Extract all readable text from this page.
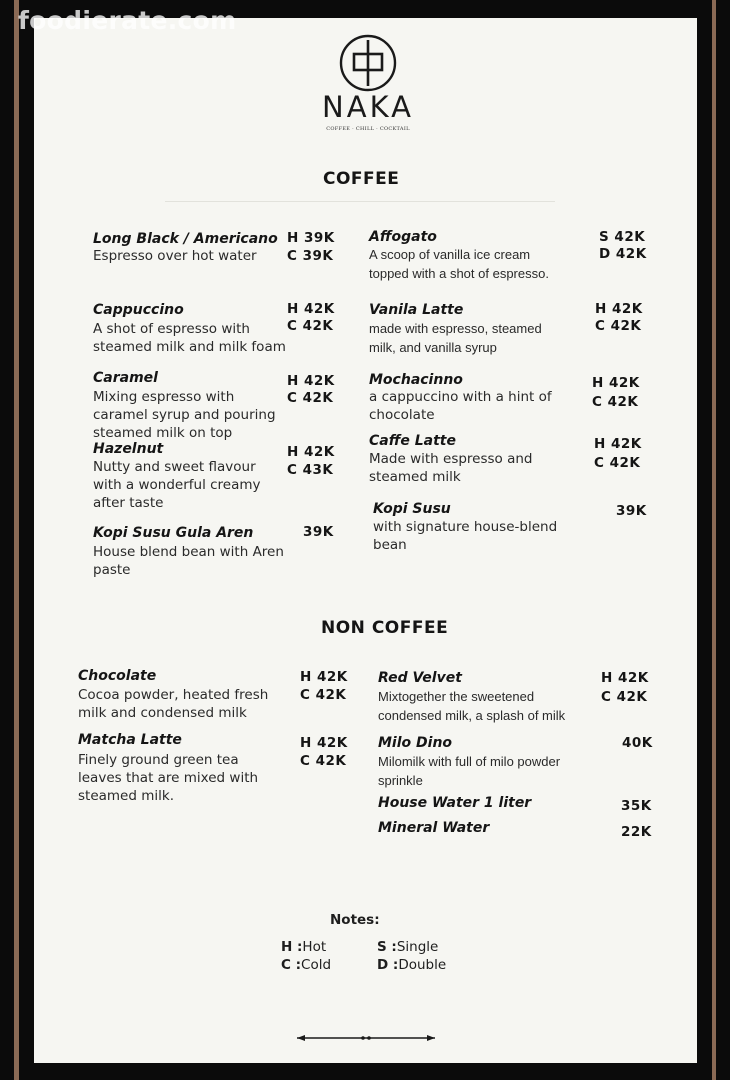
NAKA
COFFEE · CHILL · COCKTAIL
COFFEE
Long Black / Americano
Espresso over hot water
H 39K
C 39K
Cappuccino
A shot of espresso with
steamed milk and milk foam
H 42K
C 42K
Caramel
Mixing espresso with
caramel syrup and pouring
steamed milk on top
H 42K
C 42K
Hazelnut
Nutty and sweet flavour
with a wonderful creamy
after taste
H 42K
C 43K
Kopi Susu Gula Aren
House blend bean with Aren
paste
39K
Affogato
A scoop of vanilla ice cream
topped with a shot of espresso.
S 42K
D 42K
Vanila Latte
made with espresso, steamed
milk, and vanilla syrup
H 42K
C 42K
Mochacinno
a cappuccino with a hint of
chocolate
H 42K
C 42K
Caffe Latte
Made with espresso and
steamed milk
H 42K
C 42K
Kopi Susu
with signature house-blend
bean
39K
NON COFFEE
Chocolate
Cocoa powder, heated fresh
milk and condensed milk
H 42K
C 42K
Matcha Latte
Finely ground green tea
leaves that are mixed with
steamed milk.
H 42K
C 42K
Red Velvet
Mixtogether the sweetened
condensed milk, a splash of milk
H 42K
C 42K
Milo Dino
Milomilk with full of milo powder
sprinkle
40K
House Water 1 liter	35K
Mineral Water	22K
Notes:
H :Hot
C :Cold
S :Single
D :Double
foodierate.com
